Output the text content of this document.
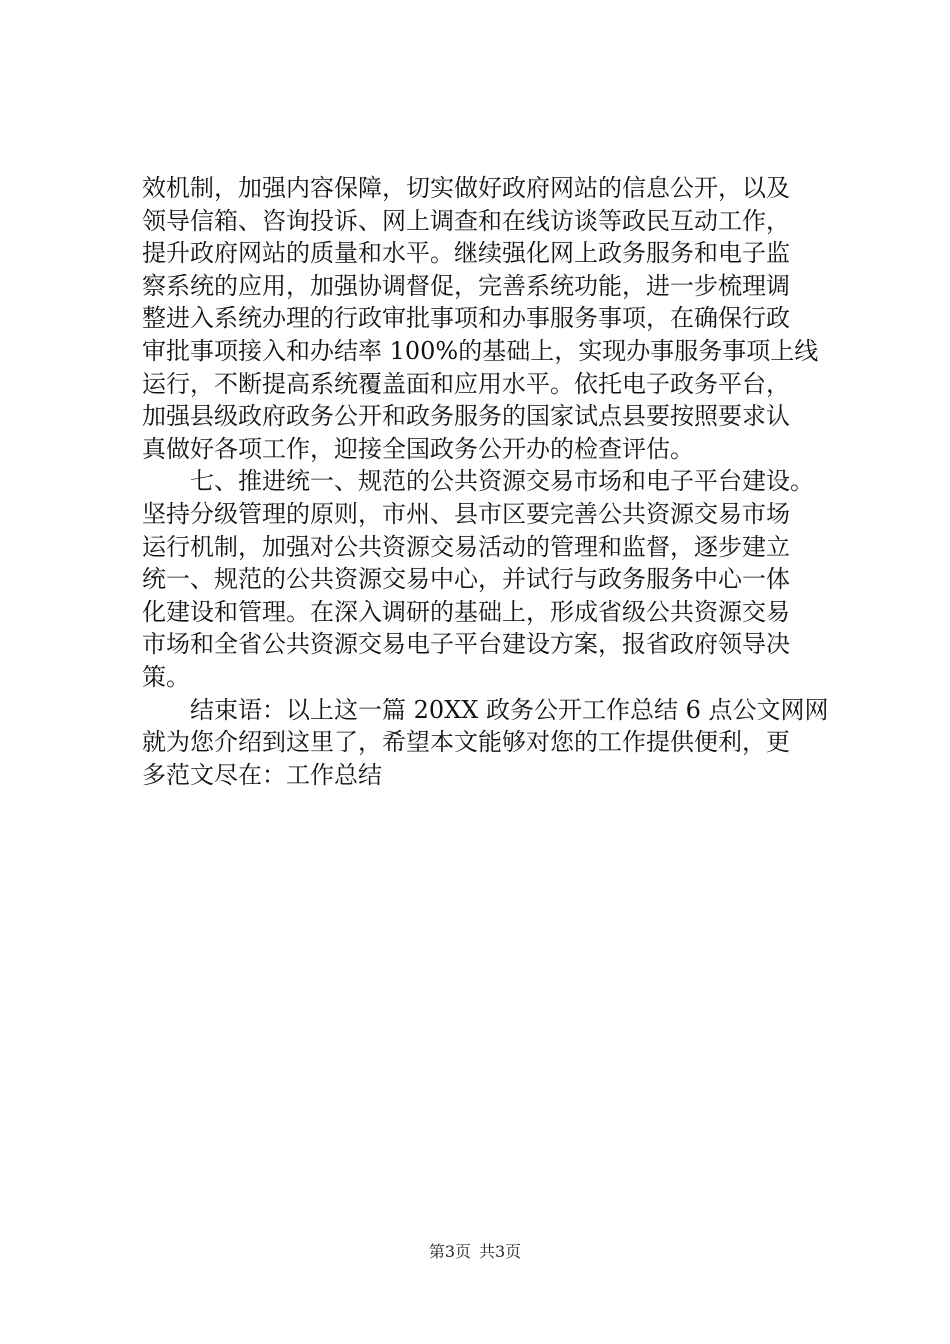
效机制，加强内容保障，切实做好政府网站的信息公开，以及
领导信箱、咨询投诉、网上调查和在线访谈等政民互动工作，
提升政府网站的质量和水平。继续强化网上政务服务和电子监
察系统的应用，加强协调督促，完善系统功能，进一步梳理调
整进入系统办理的行政审批事项和办事服务事项，在确保行政
审批事项接入和办结率 100%的基础上，实现办事服务事项上线
运行，不断提高系统覆盖面和应用水平。依托电子政务平台，
加强县级政府政务公开和政务服务的国家试点县要按照要求认
真做好各项工作，迎接全国政务公开办的检查评估。
七、推进统一、规范的公共资源交易市场和电子平台建设。
坚持分级管理的原则，市州、县市区要完善公共资源交易市场
运行机制，加强对公共资源交易活动的管理和监督，逐步建立
统一、规范的公共资源交易中心，并试行与政务服务中心一体
化建设和管理。在深入调研的基础上，形成省级公共资源交易
市场和全省公共资源交易电子平台建设方案，报省政府领导决
策。
结束语：以上这一篇 20XX 政务公开工作总结 6 点公文网网
就为您介绍到这里了，希望本文能够对您的工作提供便利，更
多范文尽在：工作总结
第3页 共3页
